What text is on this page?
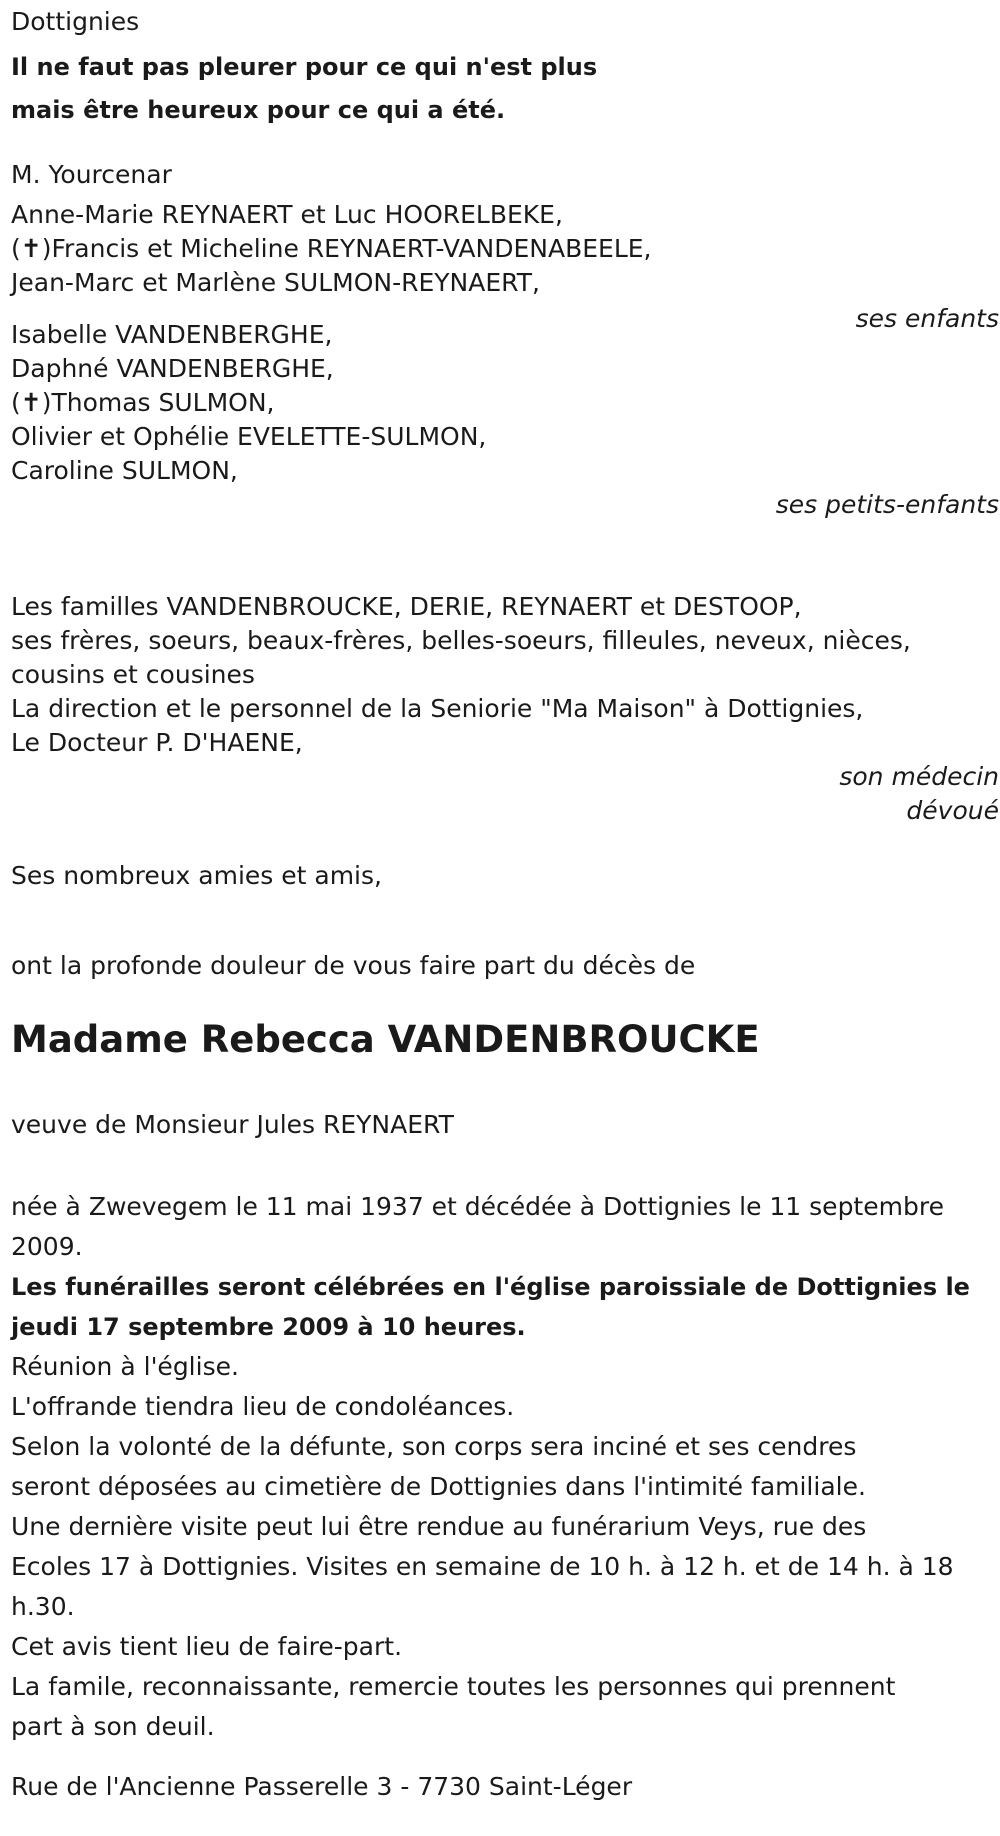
Dottignies
Il ne faut pas pleurer pour ce qui n'est plus
mais être heureux pour ce qui a été.
M. Yourcenar
Anne-Marie REYNAERT et Luc HOORELBEKE,
(✝)Francis et Micheline REYNAERT-VANDENABEELE,
Jean-Marc et Marlène SULMON-REYNAERT,
ses enfants
Isabelle VANDENBERGHE,
Daphné VANDENBERGHE,
(✝)Thomas SULMON,
Olivier et Ophélie EVELETTE-SULMON,
Caroline SULMON,
ses petits-enfants
Les familles VANDENBROUCKE, DERIE, REYNAERT et DESTOOP,
ses frères, soeurs, beaux-frères, belles-soeurs, filleules, neveux, nièces,
cousins et cousines
La direction et le personnel de la Seniorie "Ma Maison" à Dottignies,
Le Docteur P. D'HAENE,
son médecin
dévoué
Ses nombreux amies et amis,
ont la profonde douleur de vous faire part du décès de
Madame Rebecca VANDENBROUCKE
veuve de Monsieur Jules REYNAERT
née à Zwevegem le 11 mai 1937 et décédée à Dottignies le 11 septembre
2009.
Les funérailles seront célébrées en l'église paroissiale de Dottignies le
jeudi 17 septembre 2009 à 10 heures.
Réunion à l'église.
L'offrande tiendra lieu de condoléances.
Selon la volonté de la défunte, son corps sera inciné et ses cendres
seront déposées au cimetière de Dottignies dans l'intimité familiale.
Une dernière visite peut lui être rendue au funérarium Veys, rue des
Ecoles 17 à Dottignies. Visites en semaine de 10 h. à 12 h. et de 14 h. à 18
h.30.
Cet avis tient lieu de faire-part.
La famile, reconnaissante, remercie toutes les personnes qui prennent
part à son deuil.
Rue de l'Ancienne Passerelle 3 - 7730 Saint-Léger
